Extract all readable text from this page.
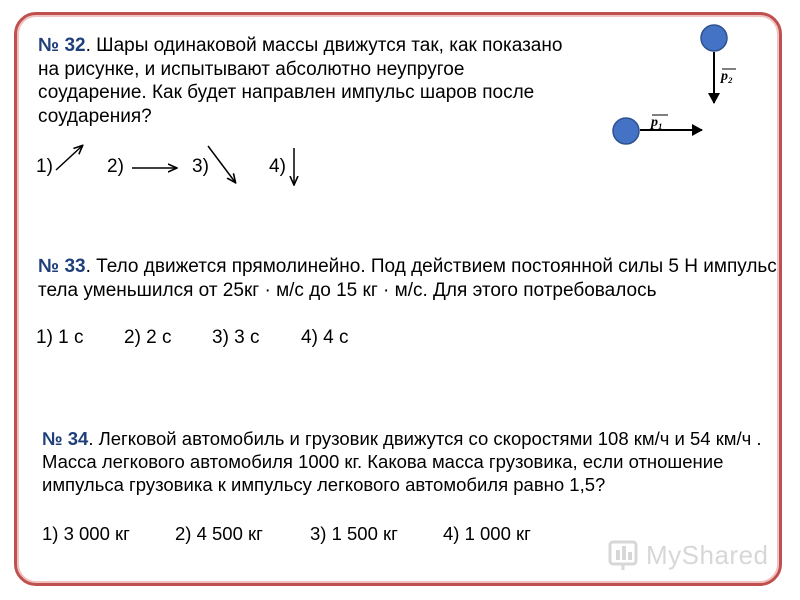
№ 32. Шары одинаковой массы движутся так, как показано на рисунке, и испытывают абсолютно неупругое соударение. Как будет направлен импульс шаров после соударения?
1)	2)	3)	4)
p₁
p₂
№ 33. Тело движется прямолинейно. Под действием постоянной силы 5 Н импульс тела уменьшился от 25кг · м/с до 15 кг · м/с. Для этого потребовалось
1) 1 с 2) 2 с 3) 3 с 4) 4 с
№ 34. Легковой автомобиль и грузовик движутся со скоростями 108 км/ч и 54 км/ч . Масса легкового автомобиля 1000 кг. Какова масса грузовика, если отношение импульса грузовика к импульсу легкового автомобиля равно 1,5?
1) 3 000 кг 2) 4 500 кг	3) 1 500 кг 4) 1 000 кг
MyShared
